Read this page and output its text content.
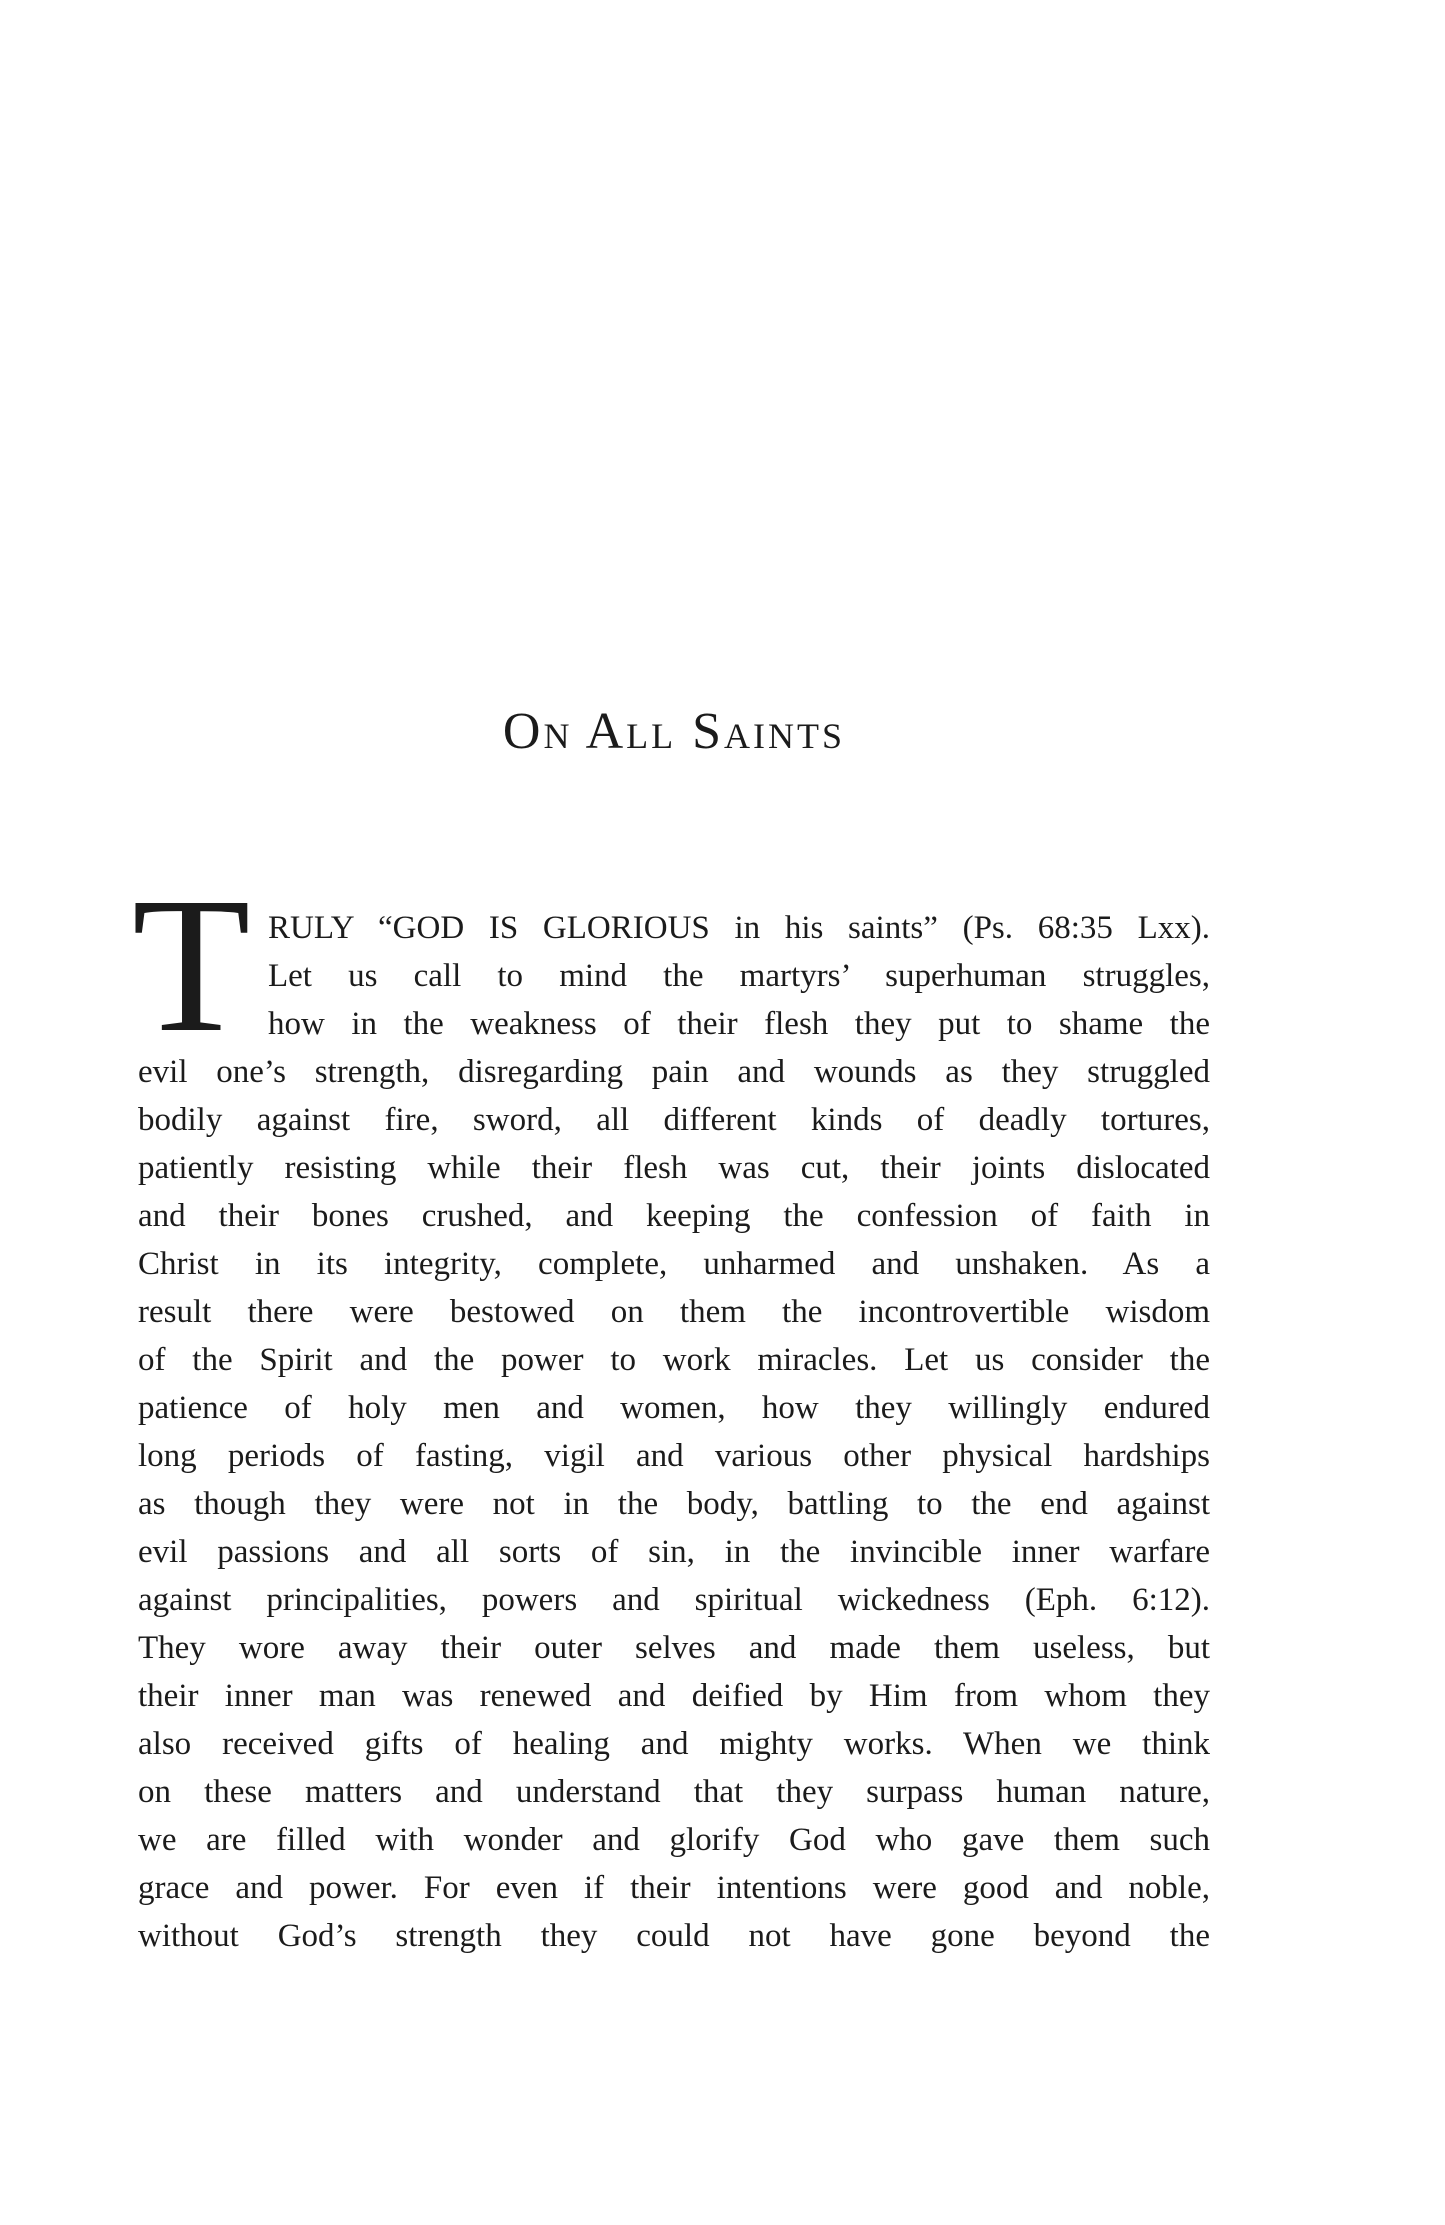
On All Saints
T RULY “GOD IS GLORIOUS in his saints” (Ps. 68:35 Lxx).
Let us call to mind the martyrs’ superhuman struggles,
how in the weakness of their flesh they put to shame the
evil one’s strength, disregarding pain and wounds as they struggled
bodily against fire, sword, all different kinds of deadly tortures,
patiently resisting while their flesh was cut, their joints dislocated
and their bones crushed, and keeping the confession of faith in
Christ in its integrity, complete, unharmed and unshaken. As a
result there were bestowed on them the incontrovertible wisdom
of the Spirit and the power to work miracles. Let us consider the
patience of holy men and women, how they willingly endured
long periods of fasting, vigil and various other physical hardships
as though they were not in the body, battling to the end against
evil passions and all sorts of sin, in the invincible inner warfare
against principalities, powers and spiritual wickedness (Eph. 6:12).
They wore away their outer selves and made them useless, but
their inner man was renewed and deified by Him from whom they
also received gifts of healing and mighty works. When we think
on these matters and understand that they surpass human nature,
we are filled with wonder and glorify God who gave them such
grace and power. For even if their intentions were good and noble,
without God’s strength they could not have gone beyond the
